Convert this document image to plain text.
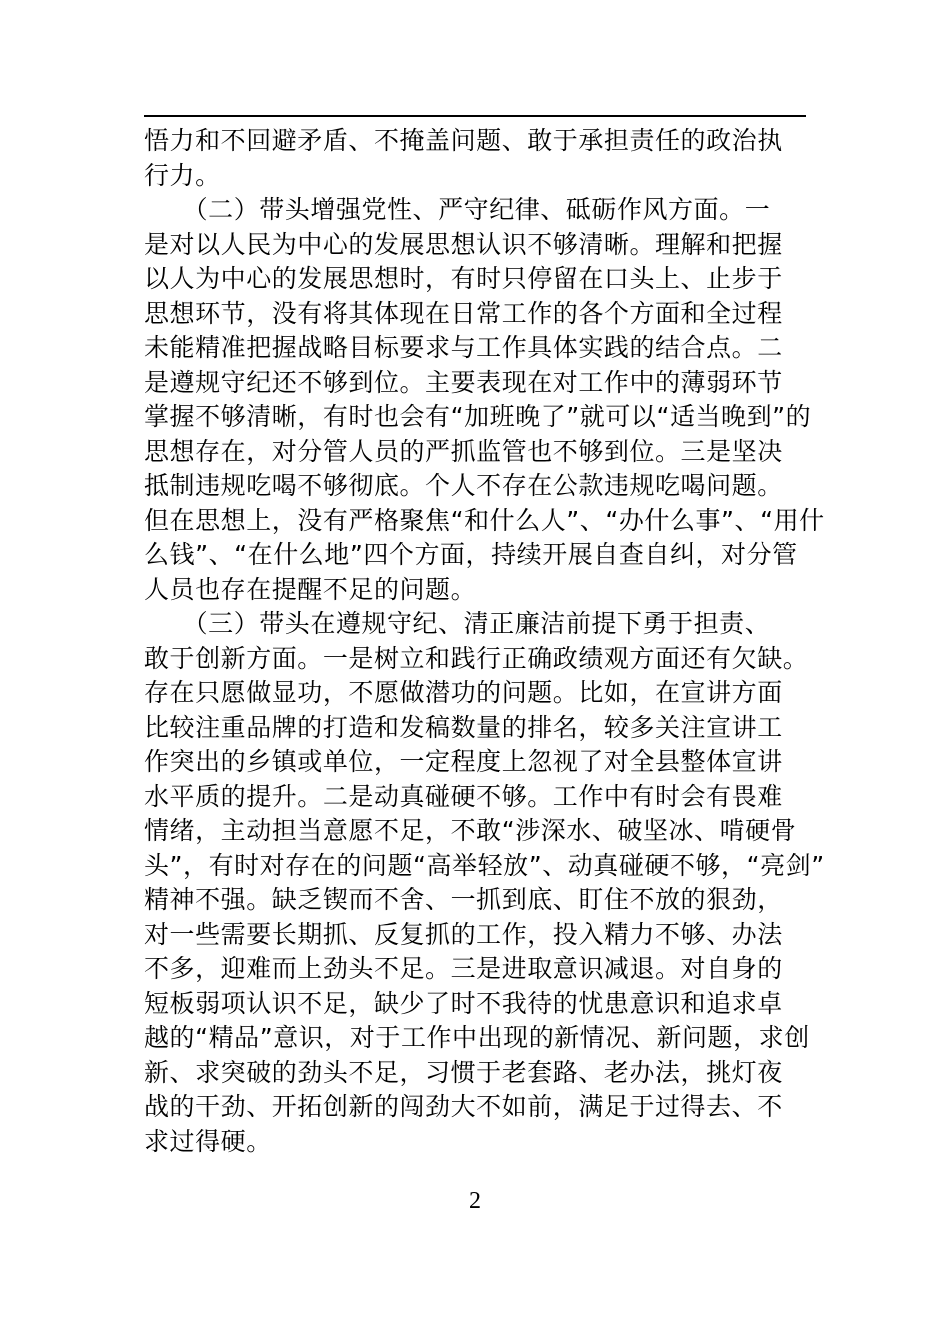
悟力和不回避矛盾、不掩盖问题、敢于承担责任的政治执
行力。
　　（二）带头增强党性、严守纪律、砥砺作风方面。一
是对以人民为中心的发展思想认识不够清晰。理解和把握
以人为中心的发展思想时，有时只停留在口头上、止步于
思想环节，没有将其体现在日常工作的各个方面和全过程
未能精准把握战略目标要求与工作具体实践的结合点。二
是遵规守纪还不够到位。主要表现在对工作中的薄弱环节
掌握不够清晰，有时也会有“加班晚了”就可以“适当晚到”的
思想存在，对分管人员的严抓监管也不够到位。三是坚决
抵制违规吃喝不够彻底。个人不存在公款违规吃喝问题。
但在思想上，没有严格聚焦“和什么人”、“办什么事”、“用什
么钱”、“在什么地”四个方面，持续开展自查自纠，对分管
人员也存在提醒不足的问题。
　　（三）带头在遵规守纪、清正廉洁前提下勇于担责、
敢于创新方面。一是树立和践行正确政绩观方面还有欠缺。
存在只愿做显功，不愿做潜功的问题。比如，在宣讲方面
比较注重品牌的打造和发稿数量的排名，较多关注宣讲工
作突出的乡镇或单位，一定程度上忽视了对全县整体宣讲
水平质的提升。二是动真碰硬不够。工作中有时会有畏难
情绪，主动担当意愿不足，不敢“涉深水、破坚冰、啃硬骨
头”，有时对存在的问题“高举轻放”、动真碰硬不够，“亮剑”
精神不强。缺乏锲而不舍、一抓到底、盯住不放的狠劲，
对一些需要长期抓、反复抓的工作，投入精力不够、办法
不多，迎难而上劲头不足。三是进取意识减退。对自身的
短板弱项认识不足，缺少了时不我待的忧患意识和追求卓
越的“精品”意识，对于工作中出现的新情况、新问题，求创
新、求突破的劲头不足，习惯于老套路、老办法，挑灯夜
战的干劲、开拓创新的闯劲大不如前，满足于过得去、不
求过得硬。
2
